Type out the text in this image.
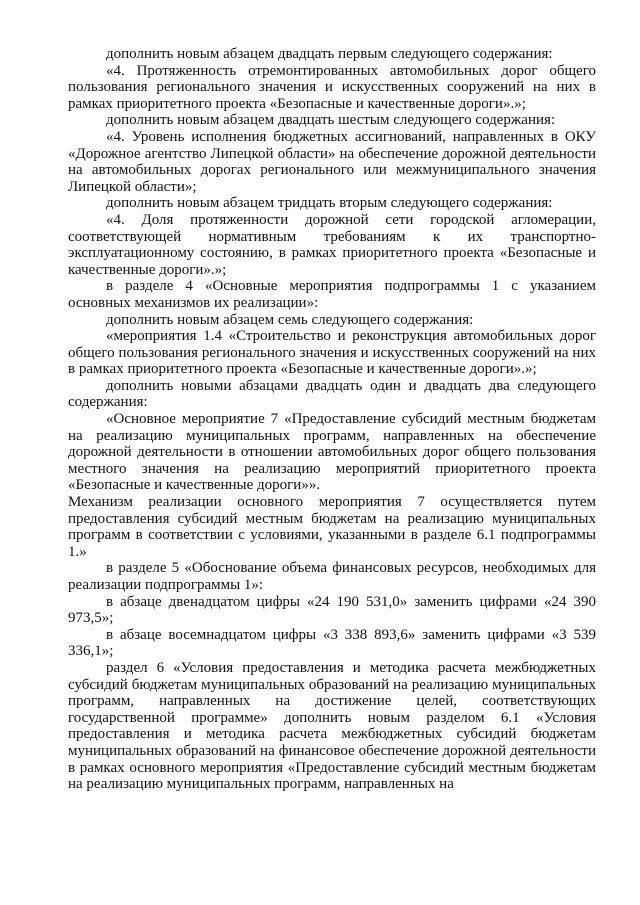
дополнить новым абзацем двадцать первым следующего содержания:

«4. Протяженность отремонтированных автомобильных дорог общего пользования регионального значения и искусственных сооружений на них в рамках приоритетного проекта «Безопасные и качественные дороги».»;

дополнить новым абзацем двадцать шестым следующего содержания:

«4. Уровень исполнения бюджетных ассигнований, направленных в ОКУ «Дорожное агентство Липецкой области» на обеспечение дорожной деятельности на автомобильных дорогах регионального или межмуниципального значения Липецкой области»;

дополнить новым абзацем тридцать вторым следующего содержания:

«4. Доля протяженности дорожной сети городской агломерации, соответствующей нормативным требованиям к их транспортно-эксплуатационному состоянию, в рамках приоритетного проекта «Безопасные и качественные дороги».»;

в разделе 4 «Основные мероприятия подпрограммы 1 с указанием основных механизмов их реализации»:

дополнить новым абзацем семь следующего содержания:

«мероприятия 1.4 «Строительство и реконструкция автомобильных дорог общего пользования регионального значения и искусственных сооружений на них в рамках приоритетного проекта «Безопасные и качественные дороги».»;

дополнить новыми абзацами двадцать один и двадцать два следующего содержания:

«Основное мероприятие 7 «Предоставление субсидий местным бюджетам на реализацию муниципальных программ, направленных на обеспечение дорожной деятельности в отношении автомобильных дорог общего пользования местного значения на реализацию мероприятий приоритетного проекта «Безопасные и качественные дороги»».

Механизм реализации основного мероприятия 7 осуществляется путем предоставления субсидий местным бюджетам на реализацию муниципальных программ в соответствии с условиями, указанными в разделе 6.1 подпрограммы 1.»

в разделе 5 «Обоснование объема финансовых ресурсов, необходимых для реализации подпрограммы 1»:

в абзаце двенадцатом цифры «24 190 531,0» заменить цифрами «24 390 973,5»;

в абзаце восемнадцатом цифры «3 338 893,6» заменить цифрами «3 539 336,1»;

раздел 6 «Условия предоставления и методика расчета межбюджетных субсидий бюджетам муниципальных образований на реализацию муниципальных программ, направленных на достижение целей, соответствующих государственной программе» дополнить новым разделом 6.1 «Условия предоставления и методика расчета межбюджетных субсидий бюджетам муниципальных образований на финансовое обеспечение дорожной деятельности в рамках основного мероприятия «Предоставление субсидий местным бюджетам на реализацию муниципальных программ, направленных на
